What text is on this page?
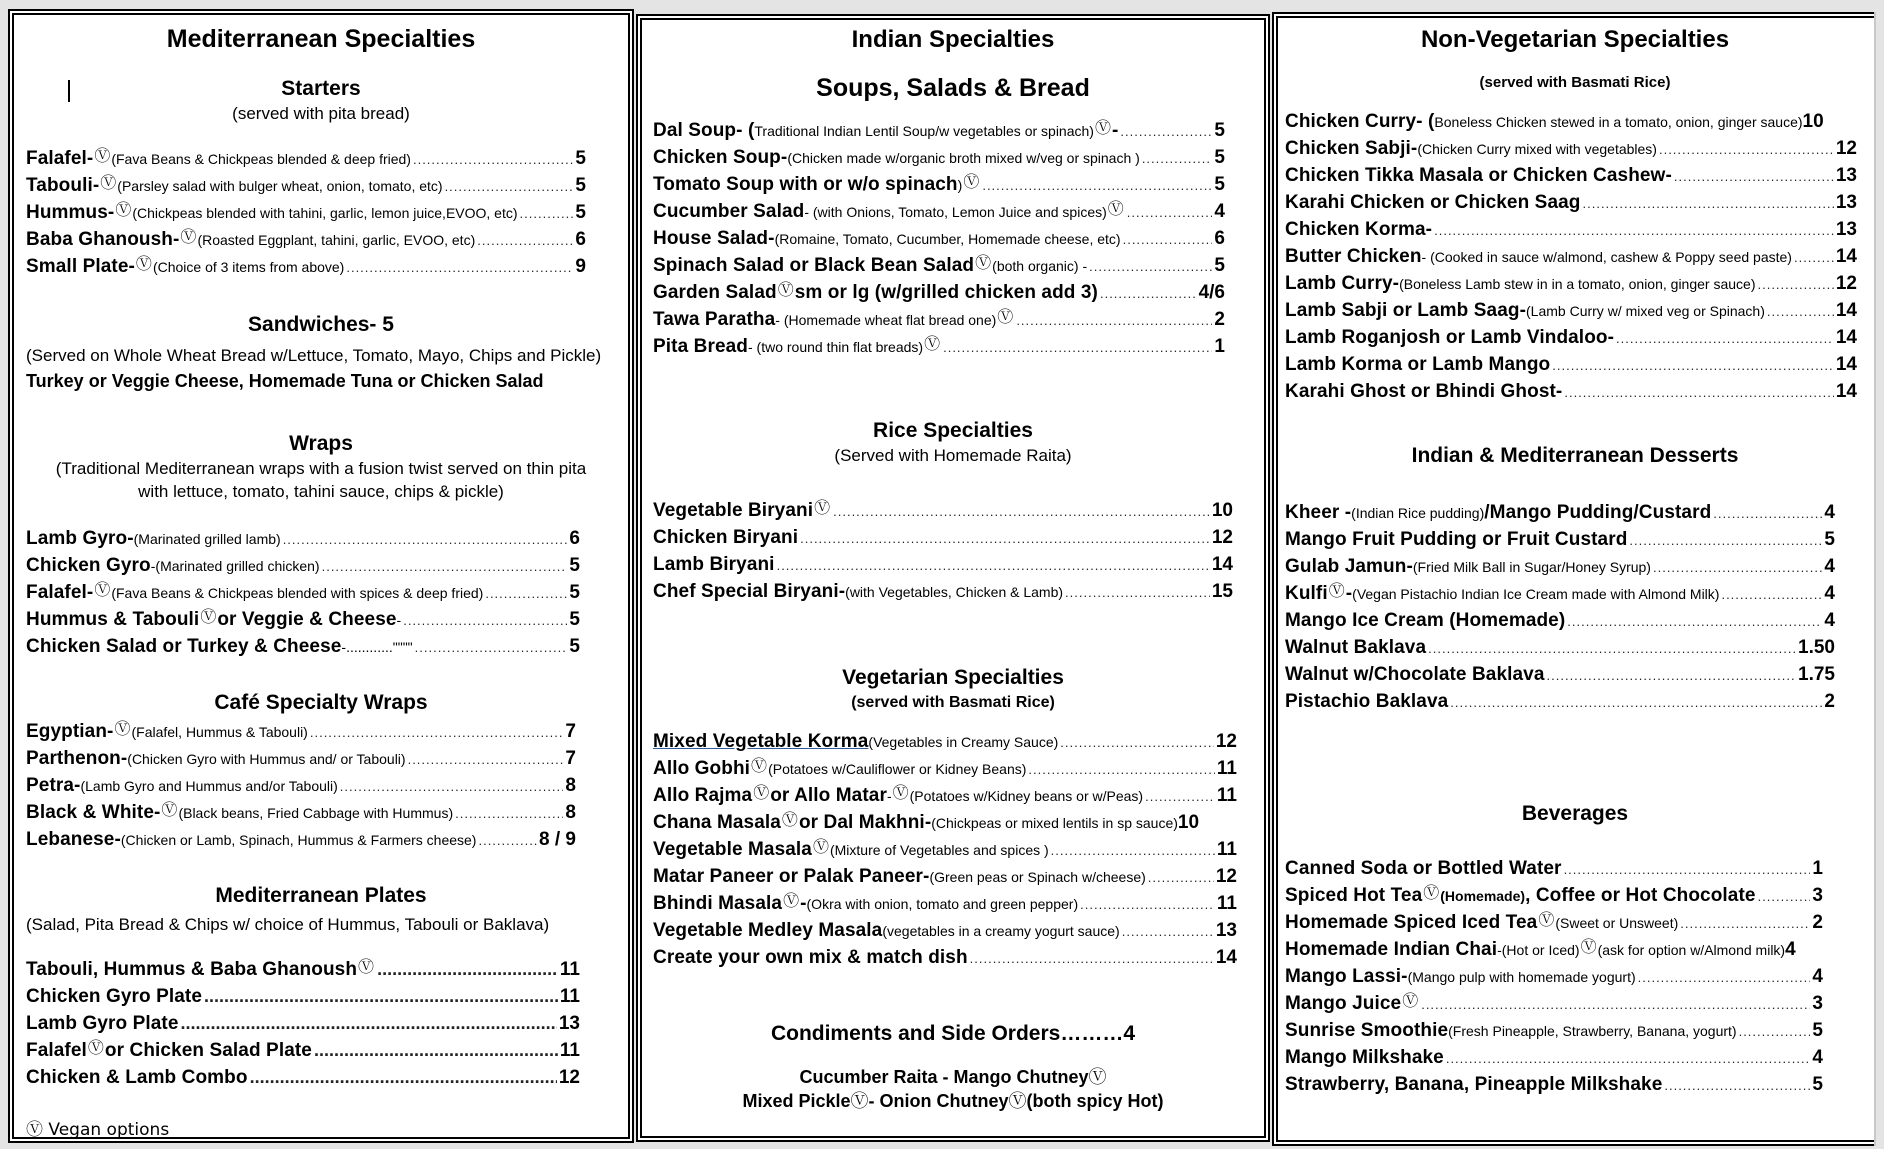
Mediterranean Specialties
Starters

(served with pita bread)

Falafel- Ⓥ (Fava Beans & Chickpeas blended & deep fried) .....	5
Tabouli- Ⓥ (Parsley salad with bulger wheat, onion, tomato, etc) .....	5
Hummus- Ⓥ (Chickpeas blended with tahini, garlic, lemon juice,EVOO, etc) .....	5
Baba Ghanoush- Ⓥ (Roasted Eggplant, tahini, garlic, EVOO, etc) .....	6
Small Plate- Ⓥ (Choice of 3 items from above) .....	9
Sandwiches- 5

(Served on Whole Wheat Bread w/Lettuce, Tomato, Mayo, Chips and Pickle)

Turkey or Veggie Cheese, Homemade Tuna or Chicken Salad

Wraps

(Traditional Mediterranean wraps with a fusion twist served on thin pita with lettuce, tomato, tahini sauce, chips & pickle)

Lamb Gyro- (Marinated grilled lamb) .....	6
Chicken Gyro -(Marinated grilled chicken) .....	5
Falafel- Ⓥ (Fava Beans & Chickpeas blended with spices & deep fried) .....	5
Hummus & Tabouli Ⓥ or Veggie & Cheese - .....	5
Chicken Salad or Turkey & Cheese -............"""" .....	5
Café Specialty Wraps
Egyptian- Ⓥ (Falafel, Hummus & Tabouli) .....	7
Parthenon- (Chicken Gyro with Hummus and/ or Tabouli) .....	7
Petra- (Lamb Gyro and Hummus and/or Tabouli) .....	8
Black & White- Ⓥ (Black beans, Fried Cabbage with Hummus) .....	8
Lebanese- (Chicken or Lamb, Spinach, Hummus & Farmers cheese) .....	8 / 9
Mediterranean Plates

(Salad, Pita Bread & Chips w/ choice of Hummus, Tabouli or Baklava)

Tabouli, Hummus & Baba Ghanoush Ⓥ .....	11
Chicken Gyro Plate .....	11
Lamb Gyro Plate .....	13
Falafel Ⓥ or Chicken Salad Plate .....	11
Chicken & Lamb Combo .....	12
Ⓥ Vegan options
Indian Specialties
Soups, Salads & Bread
Dal Soup- ( Traditional Indian Lentil Soup/w vegetables or spinach) Ⓥ - .....	5
Chicken Soup- (Chicken made w/organic broth mixed w/veg or spinach ) .....	5
Tomato Soup with or w/o spinach ) Ⓥ .....	5
Cucumber Salad - (with Onions, Tomato, Lemon Juice and spices) Ⓥ .....	4
House Salad- (Romaine, Tomato, Cucumber, Homemade cheese, etc) .....	6
Spinach Salad or Black Bean Salad Ⓥ (both organic) - .....	5
Garden Salad Ⓥ sm or lg (w/grilled chicken add 3) .....	4/6
Tawa Paratha - (Homemade wheat flat bread one) Ⓥ .....	2
Pita Bread - (two round thin flat breads) Ⓥ .....	1
Rice Specialties

(Served with Homemade Raita)

Vegetable Biryani Ⓥ .....	10
Chicken Biryani .....	12
Lamb Biryani .....	14
Chef Special Biryani- (with Vegetables, Chicken & Lamb) .....	15
Vegetarian Specialties

(served with Basmati Rice)

Mixed Vegetable Korma (Vegetables in Creamy Sauce) .....	12
Allo Gobhi Ⓥ (Potatoes w/Cauliflower or Kidney Beans) .....	11
Allo Rajma Ⓥ or Allo Matar - Ⓥ (Potatoes w/Kidney beans or w/Peas) .....	11
Chana Masala Ⓥ or Dal Makhni- (Chickpeas or mixed lentils in sp sauce) 10
Vegetable Masala Ⓥ (Mixture of Vegetables and spices ) .....	11
Matar Paneer or Palak Paneer- (Green peas or Spinach w/cheese) .....	12
Bhindi Masala Ⓥ - (Okra with onion, tomato and green pepper) .....	11
Vegetable Medley Masala (vegetables in a creamy yogurt sauce) .....	13
Create your own mix & match dish .....	14
Condiments and Side Orders………4

Cucumber Raita - Mango ChutneyⓋ

Mixed PickleⓋ- Onion ChutneyⓋ(both spicy Hot)

Non-Vegetarian Specialties

(served with Basmati Rice)

Chicken Curry- ( Boneless Chicken stewed in a tomato, onion, ginger sauce) 10
Chicken Sabji- (Chicken Curry mixed with vegetables) .....	12
Chicken Tikka Masala or Chicken Cashew- .....	13
Karahi Chicken or Chicken Saag .....	13
Chicken Korma- .....	13
Butter Chicken - (Cooked in sauce w/almond, cashew & Poppy seed paste) ..... 14
Lamb Curry- (Boneless Lamb stew in in a tomato, onion, ginger sauce) .....	12
Lamb Sabji or Lamb Saag- (Lamb Curry w/ mixed veg or Spinach) .....	14
Lamb Roganjosh or Lamb Vindaloo- .....	14
Lamb Korma or Lamb Mango .....	14
Karahi Ghost or Bhindi Ghost- .....	14
Indian & Mediterranean Desserts
Kheer - (Indian Rice pudding) /Mango Pudding/Custard .....	4
Mango Fruit Pudding or Fruit Custard .....	5
Gulab Jamun- (Fried Milk Ball in Sugar/Honey Syrup) .....	4
Kulfi Ⓥ - (Vegan Pistachio Indian Ice Cream made with Almond Milk) .....	4
Mango Ice Cream (Homemade) .....	4
Walnut Baklava .....	1.50
Walnut w/Chocolate Baklava .....	1.75
Pistachio Baklava .....	2
Beverages
Canned Soda or Bottled Water .....	1
Spiced Hot Tea Ⓥ (Homemade) , Coffee or Hot Chocolate .....	3
Homemade Spiced Iced Tea Ⓥ (Sweet or Unsweet) .....	2
Homemade Indian Chai -(Hot or Iced) Ⓥ (ask for option w/Almond milk) 4
Mango Lassi- (Mango pulp with homemade yogurt) .....	4
Mango Juice Ⓥ .....	3
Sunrise Smoothie (Fresh Pineapple, Strawberry, Banana, yogurt) .....	5
Mango Milkshake .....	4
Strawberry, Banana, Pineapple Milkshake .....	5
